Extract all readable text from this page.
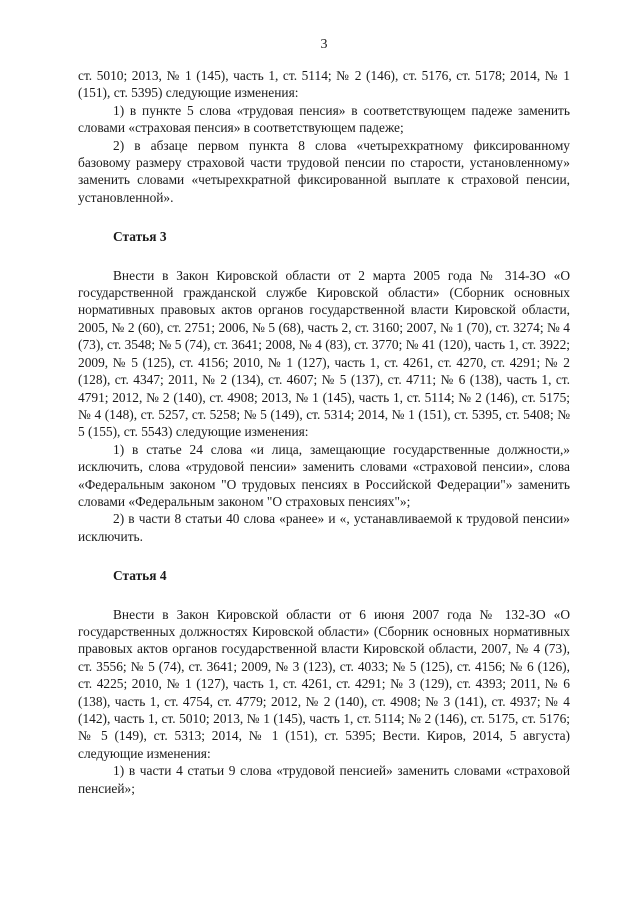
3

ст. 5010; 2013, № 1 (145), часть 1, ст. 5114; № 2 (146), ст. 5176, ст. 5178; 2014, № 1 (151), ст. 5395) следующие изменения:

1) в пункте 5 слова «трудовая пенсия» в соответствующем падеже заменить словами «страховая пенсия» в соответствующем падеже;

2) в абзаце первом пункта 8 слова «четырехкратному фиксированному базовому размеру страховой части трудовой пенсии по старости, установленному» заменить словами «четырехкратной фиксированной выплате к страховой пенсии, установленной».

Статья 3

Внести в Закон Кировской области от 2 марта 2005 года № 314-ЗО «О государственной гражданской службе Кировской области» (Сборник основных нормативных правовых актов органов государственной власти Кировской области, 2005, № 2 (60), ст. 2751; 2006, № 5 (68), часть 2, ст. 3160; 2007, № 1 (70), ст. 3274; № 4 (73), ст. 3548; № 5 (74), ст. 3641; 2008, № 4 (83), ст. 3770; № 41 (120), часть 1, ст. 3922; 2009, № 5 (125), ст. 4156; 2010, № 1 (127), часть 1, ст. 4261, ст. 4270, ст. 4291; № 2 (128), ст. 4347; 2011, № 2 (134), ст. 4607; № 5 (137), ст. 4711; № 6 (138), часть 1, ст. 4791; 2012, № 2 (140), ст. 4908; 2013, № 1 (145), часть 1, ст. 5114; № 2 (146), ст. 5175; № 4 (148), ст. 5257, ст. 5258; № 5 (149), ст. 5314; 2014, № 1 (151), ст. 5395, ст. 5408; № 5 (155), ст. 5543) следующие изменения:

1) в статье 24 слова «и лица, замещающие государственные должности,» исключить, слова «трудовой пенсии» заменить словами «страховой пенсии», слова «Федеральным законом "О трудовых пенсиях в Российской Федерации"» заменить словами «Федеральным законом "О страховых пенсиях"»;

2) в части 8 статьи 40 слова «ранее» и «, устанавливаемой к трудовой пенсии» исключить.

Статья 4

Внести в Закон Кировской области от 6 июня 2007 года № 132-ЗО «О государственных должностях Кировской области» (Сборник основных нормативных правовых актов органов государственной власти Кировской области, 2007, № 4 (73), ст. 3556; № 5 (74), ст. 3641; 2009, № 3 (123), ст. 4033; № 5 (125), ст. 4156; № 6 (126), ст. 4225; 2010, № 1 (127), часть 1, ст. 4261, ст. 4291; № 3 (129), ст. 4393; 2011, № 6 (138), часть 1, ст. 4754, ст. 4779; 2012, № 2 (140), ст. 4908; № 3 (141), ст. 4937; № 4 (142), часть 1, ст. 5010; 2013, № 1 (145), часть 1, ст. 5114; № 2 (146), ст. 5175, ст. 5176; № 5 (149), ст. 5313; 2014, № 1 (151), ст. 5395; Вести. Киров, 2014, 5 августа) следующие изменения:

1) в части 4 статьи 9 слова «трудовой пенсией» заменить словами «страховой пенсией»;
